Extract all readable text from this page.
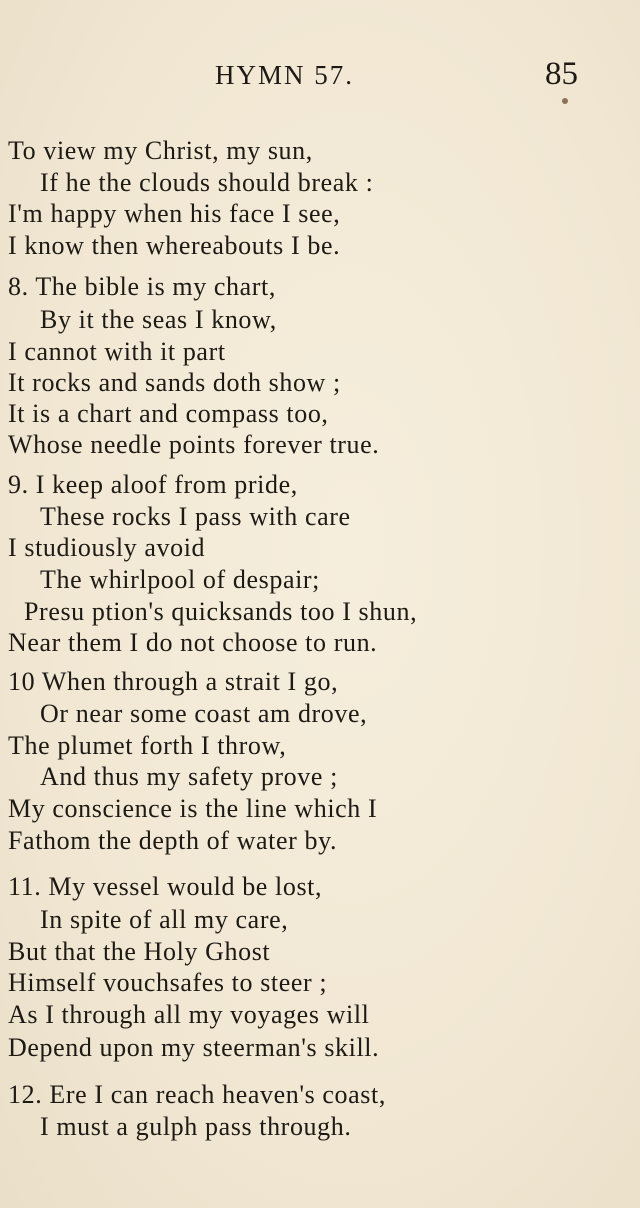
HYMN 57.	85
To view my Christ, my sun,
If he the clouds should break :
I'm happy when his face I see,
I know then whereabouts I be.
8. The bible is my chart,
By it the seas I know,
I cannot with it part
It rocks and sands doth show ;
It is a chart and compass too,
Whose needle points forever true.
9. I keep aloof from pride,
These rocks I pass with care
I studiously avoid
The whirlpool of despair;
Presu ption's quicksands too I shun,
Near them I do not choose to run.
10 When through a strait I go,
Or near some coast am drove,
The plumet forth I throw,
And thus my safety prove ;
My conscience is the line which I
Fathom the depth of water by.
11. My vessel would be lost,
In spite of all my care,
But that the Holy Ghost
Himself vouchsafes to steer ;
As I through all my voyages will
Depend upon my steerman's skill.
12. Ere I can reach heaven's coast,
I must a gulph pass through.
